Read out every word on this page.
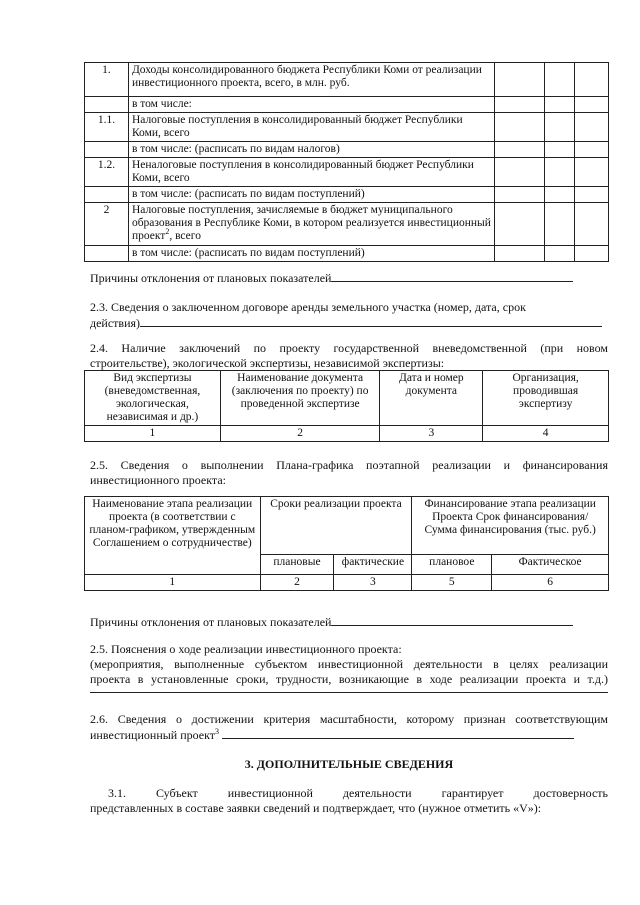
1.	Доходы консолидированного бюджета Республики Коми от реализации инвестиционного проекта, всего, в млн. руб.			
	в том числе:			
1.1.	Налоговые поступления в консолидированный бюджет Республики Коми, всего			
	в том числе: (расписать по видам налогов)			
1.2.	Неналоговые поступления в консолидированный бюджет Республики Коми, всего			
	в том числе: (расписать по видам поступлений)			
2	Налоговые поступления, зачисляемые в бюджет муниципального образования в Республике Коми, в котором реализуется инвестиционный проект$^2$, всего			
	в том числе: (расписать по видам поступлений)			
Причины отклонения от плановых показателей
2.3. Сведения о заключенном договоре аренды земельного участка (номер, дата, срок
действия)
2.4. Наличие заключений по проекту государственной вневедомственной (при новом
строительстве), экологической экспертизы, независимой экспертизы:
Вид экспертизы (вневедомственная, экологическая, независимая и др.)	Наименование документа (заключения по проекту) по проведенной экспертизе	Дата и номер документа	Организация, проводившая экспертизу
1	2	3	4
2.5. Сведения о выполнении Плана-графика поэтапной реализации и финансирования
инвестиционного проекта:
Наименование этапа реализации проекта (в соответствии с планом-графиком, утвержденным Соглашением о сотрудничестве)	Сроки реализации проекта		Финансирование этапа реализации Проекта Срок финансирования/ Сумма финансирования (тыс. руб.)	
	плановые	фактические	плановое	Фактическое
1	2	3	5	6
Причины отклонения от плановых показателей
2.5. Пояснения о ходе реализации инвестиционного проекта:
(мероприятия, выполненные субъектом инвестиционной деятельности в целях реализации
проекта в установленные сроки, трудности, возникающие в ходе реализации проекта и т.д.)
2.6. Сведения о достижении критерия масштабности, которому признан соответствующим
инвестиционный проект$^3$
3. ДОПОЛНИТЕЛЬНЫЕ СВЕДЕНИЯ
3.1. Субъект инвестиционной деятельности гарантирует достоверность
представленных в составе заявки сведений и подтверждает, что (нужное отметить «V»):
